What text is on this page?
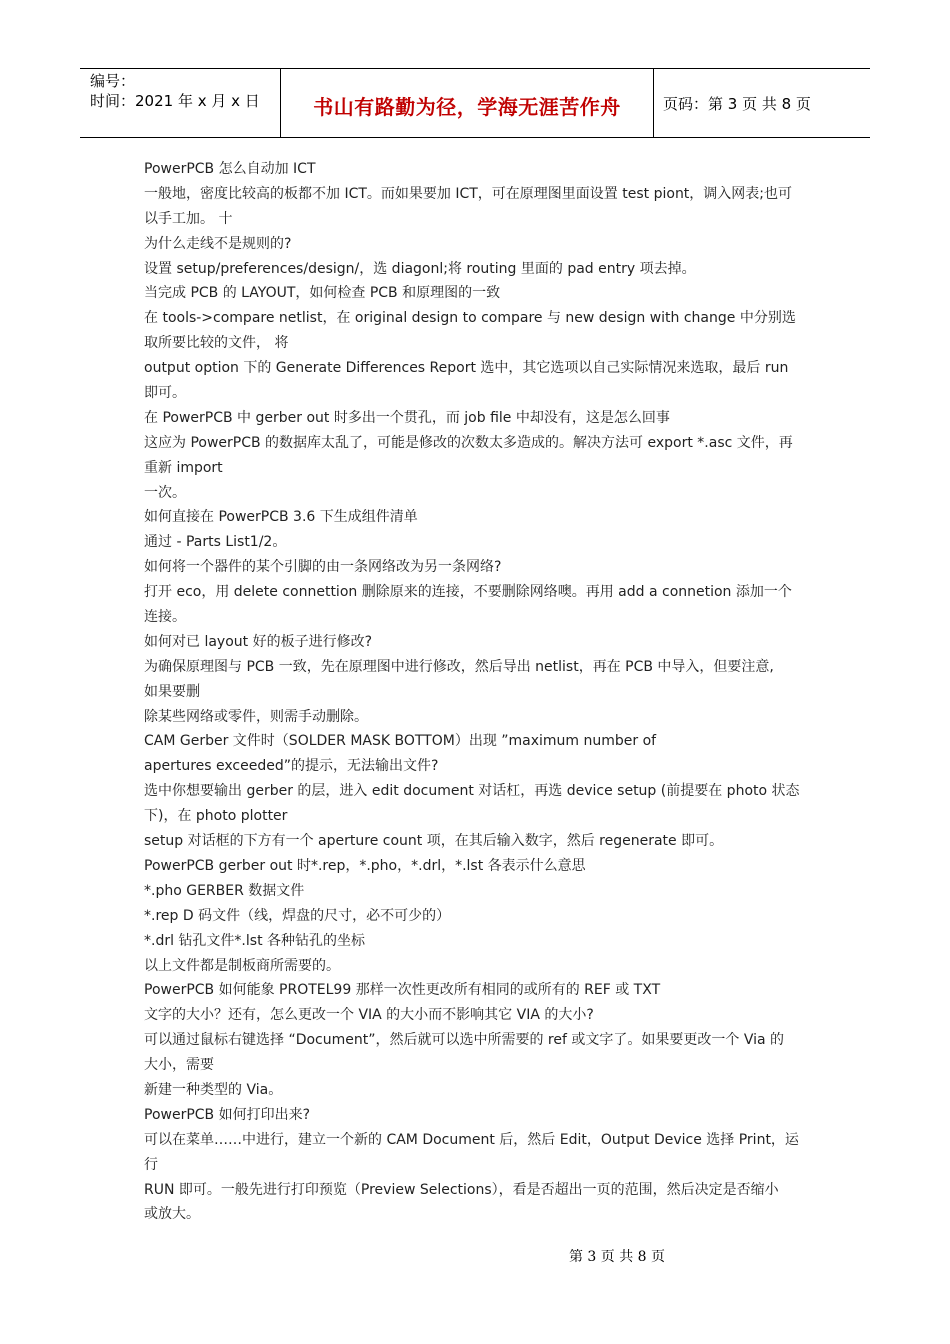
编号：
时间：2021 年 x 月 x 日	书山有路勤为径，学海无涯苦作舟	页码：第 3 页 共 8 页
PowerPCB 怎么自动加 ICT
一般地，密度比较高的板都不加 ICT。而如果要加 ICT，可在原理图里面设置 test piont，调入网表;也可
以手工加。 十
为什么走线不是规则的?
设置 setup/preferences/design/，选 diagonl;将 routing 里面的 pad entry 项去掉。
当完成 PCB 的 LAYOUT，如何检查 PCB 和原理图的一致
在 tools->compare netlist，在 original design to compare 与 new design with change 中分别选
取所要比较的文件， 将
output option 下的 Generate Differences Report 选中，其它选项以自己实际情况来选取，最后 run
即可。
在 PowerPCB 中 gerber out 时多出一个贯孔，而 job file 中却没有，这是怎么回事
这应为 PowerPCB 的数据库太乱了，可能是修改的次数太多造成的。解决方法可 export *.asc 文件，再
重新 import
一次。
如何直接在 PowerPCB 3.6 下生成组件清单
通过 - Parts List1/2。
如何将一个器件的某个引脚的由一条网络改为另一条网络?
打开 eco，用 delete connettion 删除原来的连接，不要删除网络噢。再用 add a connetion 添加一个
连接。
如何对已 layout 好的板子进行修改?
为确保原理图与 PCB 一致，先在原理图中进行修改，然后导出 netlist，再在 PCB 中导入，但要注意,
如果要删
除某些网络或零件，则需手动删除。
CAM Gerber 文件时（SOLDER MASK BOTTOM）出现 ”maximum number of
apertures exceeded”的提示，无法输出文件?
选中你想要输出 gerber 的层，进入 edit document 对话杠，再选 device setup (前提要在 photo 状态
下)，在 photo plotter
setup 对话框的下方有一个 aperture count 项，在其后输入数字，然后 regenerate 即可。
PowerPCB gerber out 时*.rep，*.pho，*.drl，*.lst 各表示什么意思
*.pho GERBER 数据文件
*.rep D 码文件（线，焊盘的尺寸，必不可少的）
*.drl 钻孔文件*.lst 各种钻孔的坐标
以上文件都是制板商所需要的。
PowerPCB 如何能象 PROTEL99 那样一次性更改所有相同的或所有的 REF 或 TXT
文字的大小？还有，怎么更改一个 VIA 的大小而不影响其它 VIA 的大小?
可以通过鼠标右键选择 “Document”，然后就可以选中所需要的 ref 或文字了。如果要更改一个 Via 的
大小，需要
新建一种类型的 Via。
PowerPCB 如何打印出来?
可以在菜单……中进行，建立一个新的 CAM Document 后，然后 Edit，Output Device 选择 Print，运
行
RUN 即可。一般先进行打印预览（Preview Selections），看是否超出一页的范围，然后决定是否缩小
或放大。
第 3 页 共 8 页
